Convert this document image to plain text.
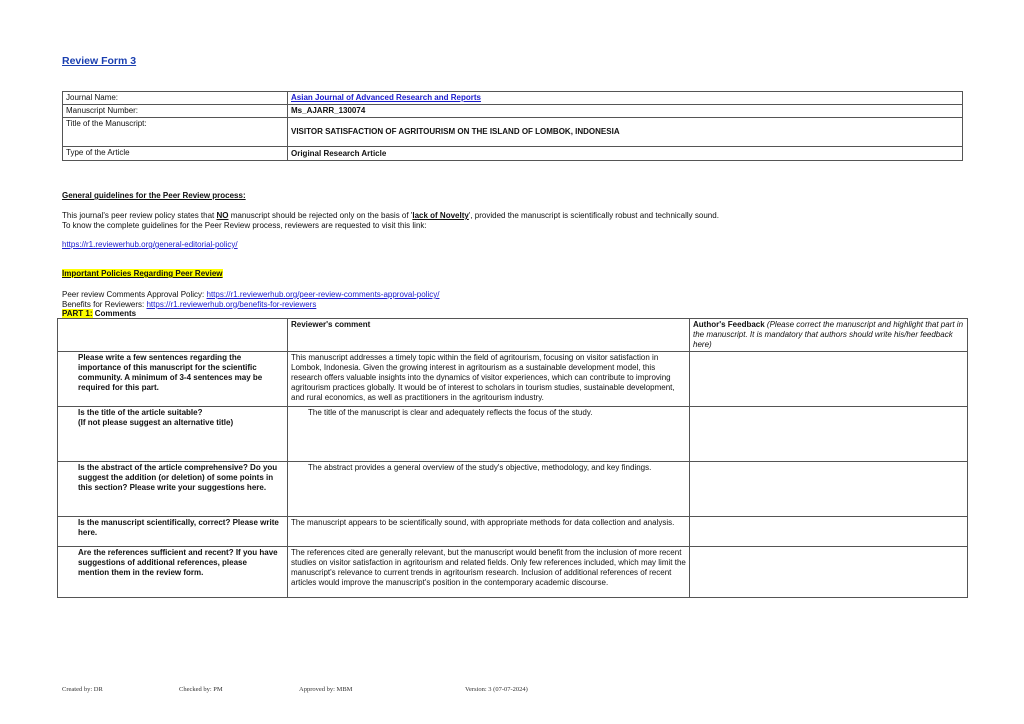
Review Form 3
Journal Name:	Asian Journal of Advanced Research and Reports
Manuscript Number:	Ms_AJARR_130074
Title of the Manuscript:	VISITOR SATISFACTION OF AGRITOURISM ON THE ISLAND OF LOMBOK, INDONESIA
Type of the Article	Original Research Article
General guidelines for the Peer Review process:

This journal's peer review policy states that NO manuscript should be rejected only on the basis of 'lack of Novelty', provided the manuscript is scientifically robust and technically sound.

To know the complete guidelines for the Peer Review process, reviewers are requested to visit this link:

https://r1.reviewerhub.org/general-editorial-policy/
Important Policies Regarding Peer Review

Peer review Comments Approval Policy: https://r1.reviewerhub.org/peer-review-comments-approval-policy/

Benefits for Reviewers: https://r1.reviewerhub.org/benefits-for-reviewers

PART 1: Comments

	Reviewer's comment	Author's Feedback (Please correct the manuscript and highlight that part in the manuscript. It is mandatory that authors should write his/her feedback here)
Please write a few sentences regarding the importance of this manuscript for the scientific community. A minimum of 3-4 sentences may be required for this part.	This manuscript addresses a timely topic within the field of agritourism, focusing on visitor satisfaction in Lombok, Indonesia. Given the growing interest in agritourism as a sustainable development model, this research offers valuable insights into the dynamics of visitor experiences, which can contribute to improving agritourism practices globally. It would be of interest to scholars in tourism studies, sustainable development, and rural economics, as well as practitioners in the agritourism industry.	
Is the title of the article suitable?
(If not please suggest an alternative title)	The title of the manuscript is clear and adequately reflects the focus of the study.	
Is the abstract of the article comprehensive? Do you suggest the addition (or deletion) of some points in this section? Please write your suggestions here.	The abstract provides a general overview of the study's objective, methodology, and key findings.	
Is the manuscript scientifically, correct? Please write here.	The manuscript appears to be scientifically sound, with appropriate methods for data collection and analysis.	
Are the references sufficient and recent? If you have suggestions of additional references, please mention them in the review form.	The references cited are generally relevant, but the manuscript would benefit from the inclusion of more recent studies on visitor satisfaction in agritourism and related fields. Only few references included, which may limit the manuscript's relevance to current trends in agritourism research. Inclusion of additional references of recent articles would improve the manuscript's position in the contemporary academic discourse.	
Created by: DR	Checked by: PM	Approved by: MBM	Version: 3 (07-07-2024)
